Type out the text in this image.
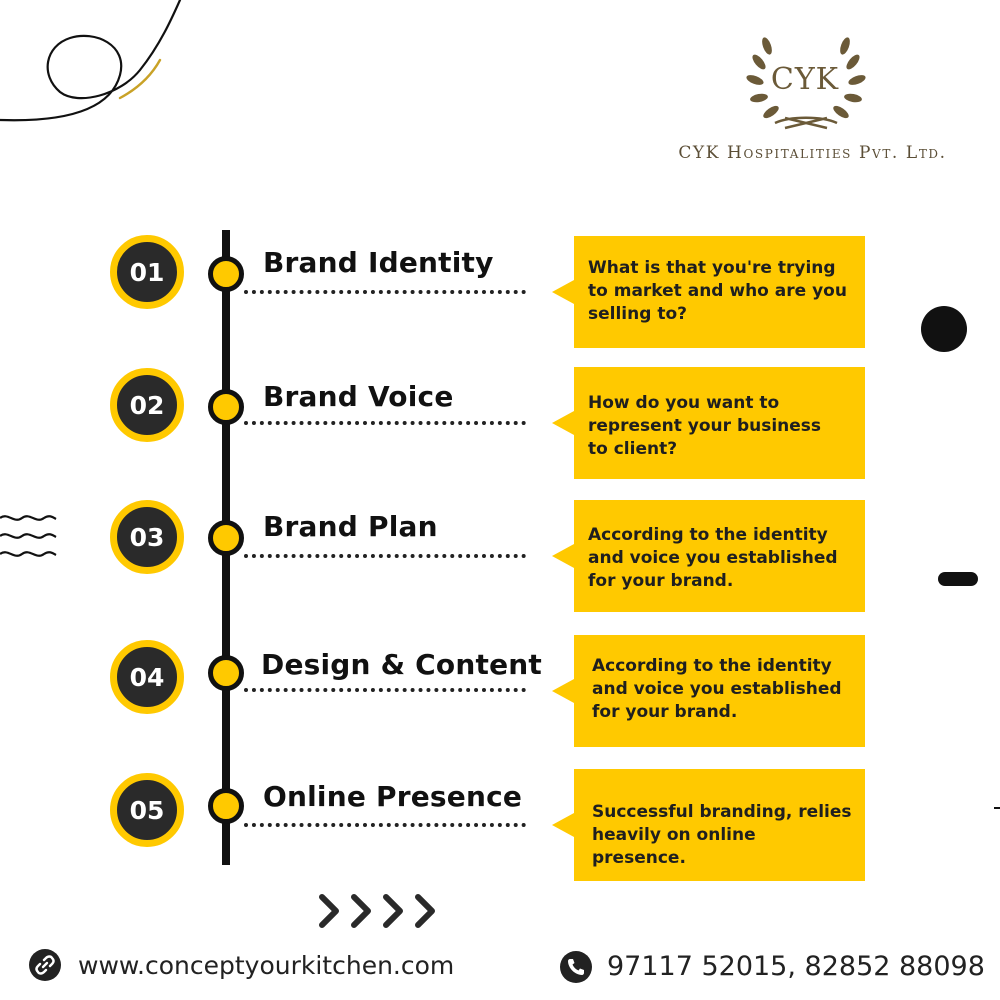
CYK
CYK Hospitalities Pvt. Ltd.
01	Brand Identity	What is that you're trying
to market and who are you
selling to?
02	Brand Voice	How do you want to
represent your business
to client?
03	Brand Plan	According to the identity
and voice you established
for your brand.
04	Design & Content	According to the identity
and voice you established
for your brand.
05	Online Presence	Successful branding, relies
heavily on online presence.
www.conceptyourkitchen.com	97117 52015, 82852 88098
